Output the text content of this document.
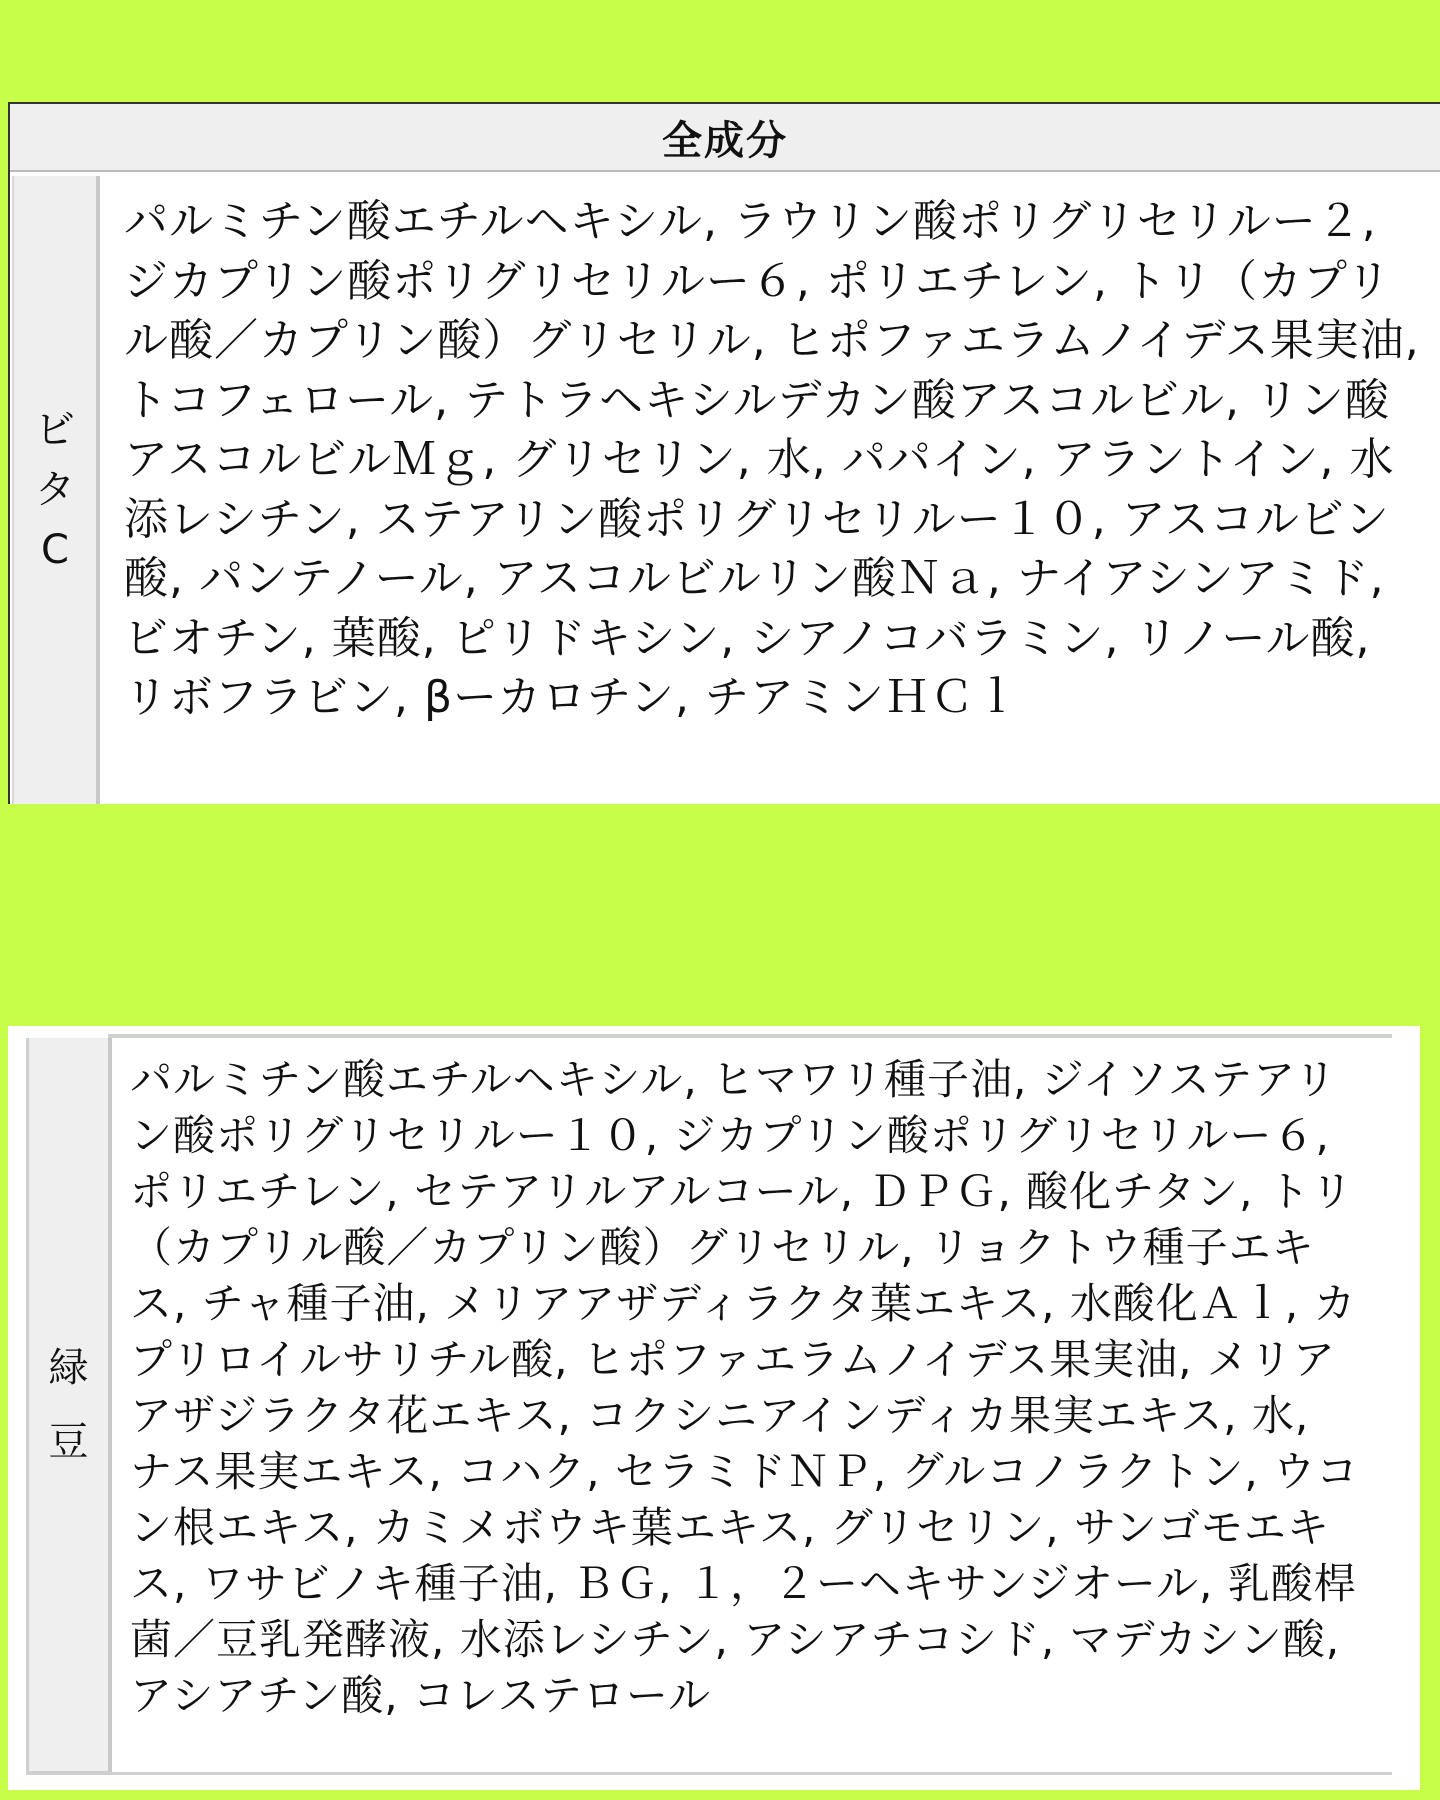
全成分
ビ
タ
C
パルミチン酸エチルヘキシル, ラウリン酸ポリグリセリルー２, ジカプリン酸ポリグリセリルー６, ポリエチレン, トリ（カプリル酸／カプリン酸）グリセリル, ヒポファエラムノイデス果実油, トコフェロール, テトラヘキシルデカン酸アスコルビル, リン酸アスコルビルＭｇ, グリセリン, 水, パパイン, アラントイン, 水添レシチン, ステアリン酸ポリグリセリルー１０, アスコルビン酸, パンテノール, アスコルビルリン酸Ｎａ, ナイアシンアミド, ビオチン, 葉酸, ピリドキシン, シアノコバラミン, リノール酸, リボフラビン, βーカロチン, チアミンＨＣｌ
緑
豆
パルミチン酸エチルヘキシル, ヒマワリ種子油, ジイソステアリン酸ポリグリセリルー１０, ジカプリン酸ポリグリセリルー６, ポリエチレン, セテアリルアルコール, ＤＰＧ, 酸化チタン, トリ（カプリル酸／カプリン酸）グリセリル, リョクトウ種子エキス, チャ種子油, メリアアザディラクタ葉エキス, 水酸化Ａｌ, カプリロイルサリチル酸, ヒポファエラムノイデス果実油, メリアアザジラクタ花エキス, コクシニアインディカ果実エキス, 水, ナス果実エキス, コハク, セラミドＮＰ, グルコノラクトン, ウコン根エキス, カミメボウキ葉エキス, グリセリン, サンゴモエキス, ワサビノキ種子油, ＢＧ, １，２ーヘキサンジオール, 乳酸桿菌／豆乳発酵液, 水添レシチン, アシアチコシド, マデカシン酸, アシアチン酸, コレステロール
